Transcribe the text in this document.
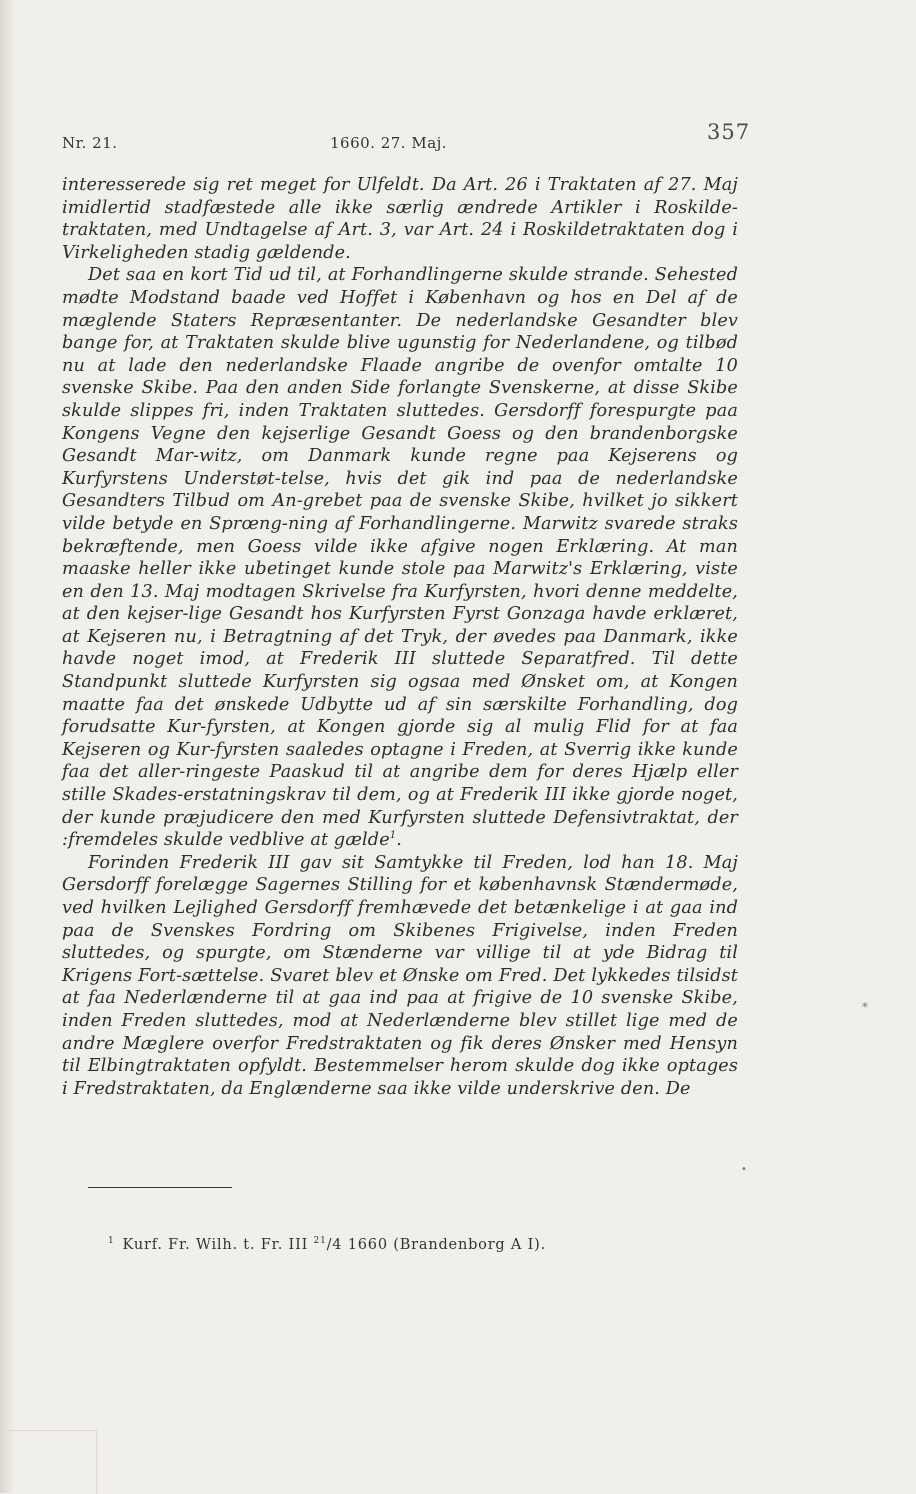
Nr. 21.	1660. 27. Maj.	357

interesserede sig ret meget for Ulfeldt. Da Art. 26 i Traktaten af 27. Maj imidlertid stadfæstede alle ikke særlig ændrede Artikler i Roskilde-traktaten, med Undtagelse af Art. 3, var Art. 24 i Roskildetraktaten dog i Virkeligheden stadig gældende.

Det saa en kort Tid ud til, at Forhandlingerne skulde strande. Sehested mødte Modstand baade ved Hoffet i København og hos en Del af de mæglende Staters Repræsentanter. De nederlandske Gesandter blev bange for, at Traktaten skulde blive ugunstig for Nederlandene, og tilbød nu at lade den nederlandske Flaade angribe de ovenfor omtalte 10 svenske Skibe. Paa den anden Side forlangte Svenskerne, at disse Skibe skulde slippes fri, inden Traktaten sluttedes. Gersdorff forespurgte paa Kongens Vegne den kejserlige Gesandt Goess og den brandenborgske Gesandt Mar-witz, om Danmark kunde regne paa Kejserens og Kurfyrstens Understøt-telse, hvis det gik ind paa de nederlandske Gesandters Tilbud om An-grebet paa de svenske Skibe, hvilket jo sikkert vilde betyde en Sprœng-ning af Forhandlingerne. Marwitz svarede straks bekræftende, men Goess vilde ikke afgive nogen Erklæring. At man maaske heller ikke ubetinget kunde stole paa Marwitz's Erklæring, viste en den 13. Maj modtagen Skrivelse fra Kurfyrsten, hvori denne meddelte, at den kejser-lige Gesandt hos Kurfyrsten Fyrst Gonzaga havde erklæret, at Kejseren nu, i Betragtning af det Tryk, der øvedes paa Danmark, ikke havde noget imod, at Frederik III sluttede Separatfred. Til dette Standpunkt sluttede Kurfyrsten sig ogsaa med Ønsket om, at Kongen maatte faa det ønskede Udbytte ud af sin særskilte Forhandling, dog forudsatte Kur-fyrsten, at Kongen gjorde sig al mulig Flid for at faa Kejseren og Kur-fyrsten saaledes optagne i Freden, at Sverrig ikke kunde faa det aller-ringeste Paaskud til at angribe dem for deres Hjælp eller stille Skades-erstatningskrav til dem, og at Frederik III ikke gjorde noget, der kunde præjudicere den med Kurfyrsten sluttede Defensivtraktat, der :fremdeles skulde vedblive at gælde$^1$.

Forinden Frederik III gav sit Samtykke til Freden, lod han 18. Maj Gersdorff forelægge Sagernes Stilling for et københavnsk Stændermøde, ved hvilken Lejlighed Gersdorff fremhævede det betænkelige i at gaa ind paa de Svenskes Fordring om Skibenes Frigivelse, inden Freden sluttedes, og spurgte, om Stænderne var villige til at yde Bidrag til Krigens Fort-sættelse. Svaret blev et Ønske om Fred. Det lykkedes tilsidst at faa Nederlænderne til at gaa ind paa at frigive de 10 svenske Skibe, inden Freden sluttedes, mod at Nederlænderne blev stillet lige med de andre Mæglere overfor Fredstraktaten og fik deres Ønsker med Hensyn til Elbingtraktaten opfyldt. Bestemmelser herom skulde dog ikke optages i Fredstraktaten, da Englænderne saa ikke vilde underskrive den. De

$^1$ Kurf. Fr. Wilh. t. Fr. III $^{21}$/4 1660 (Brandenborg A I).
*
•
